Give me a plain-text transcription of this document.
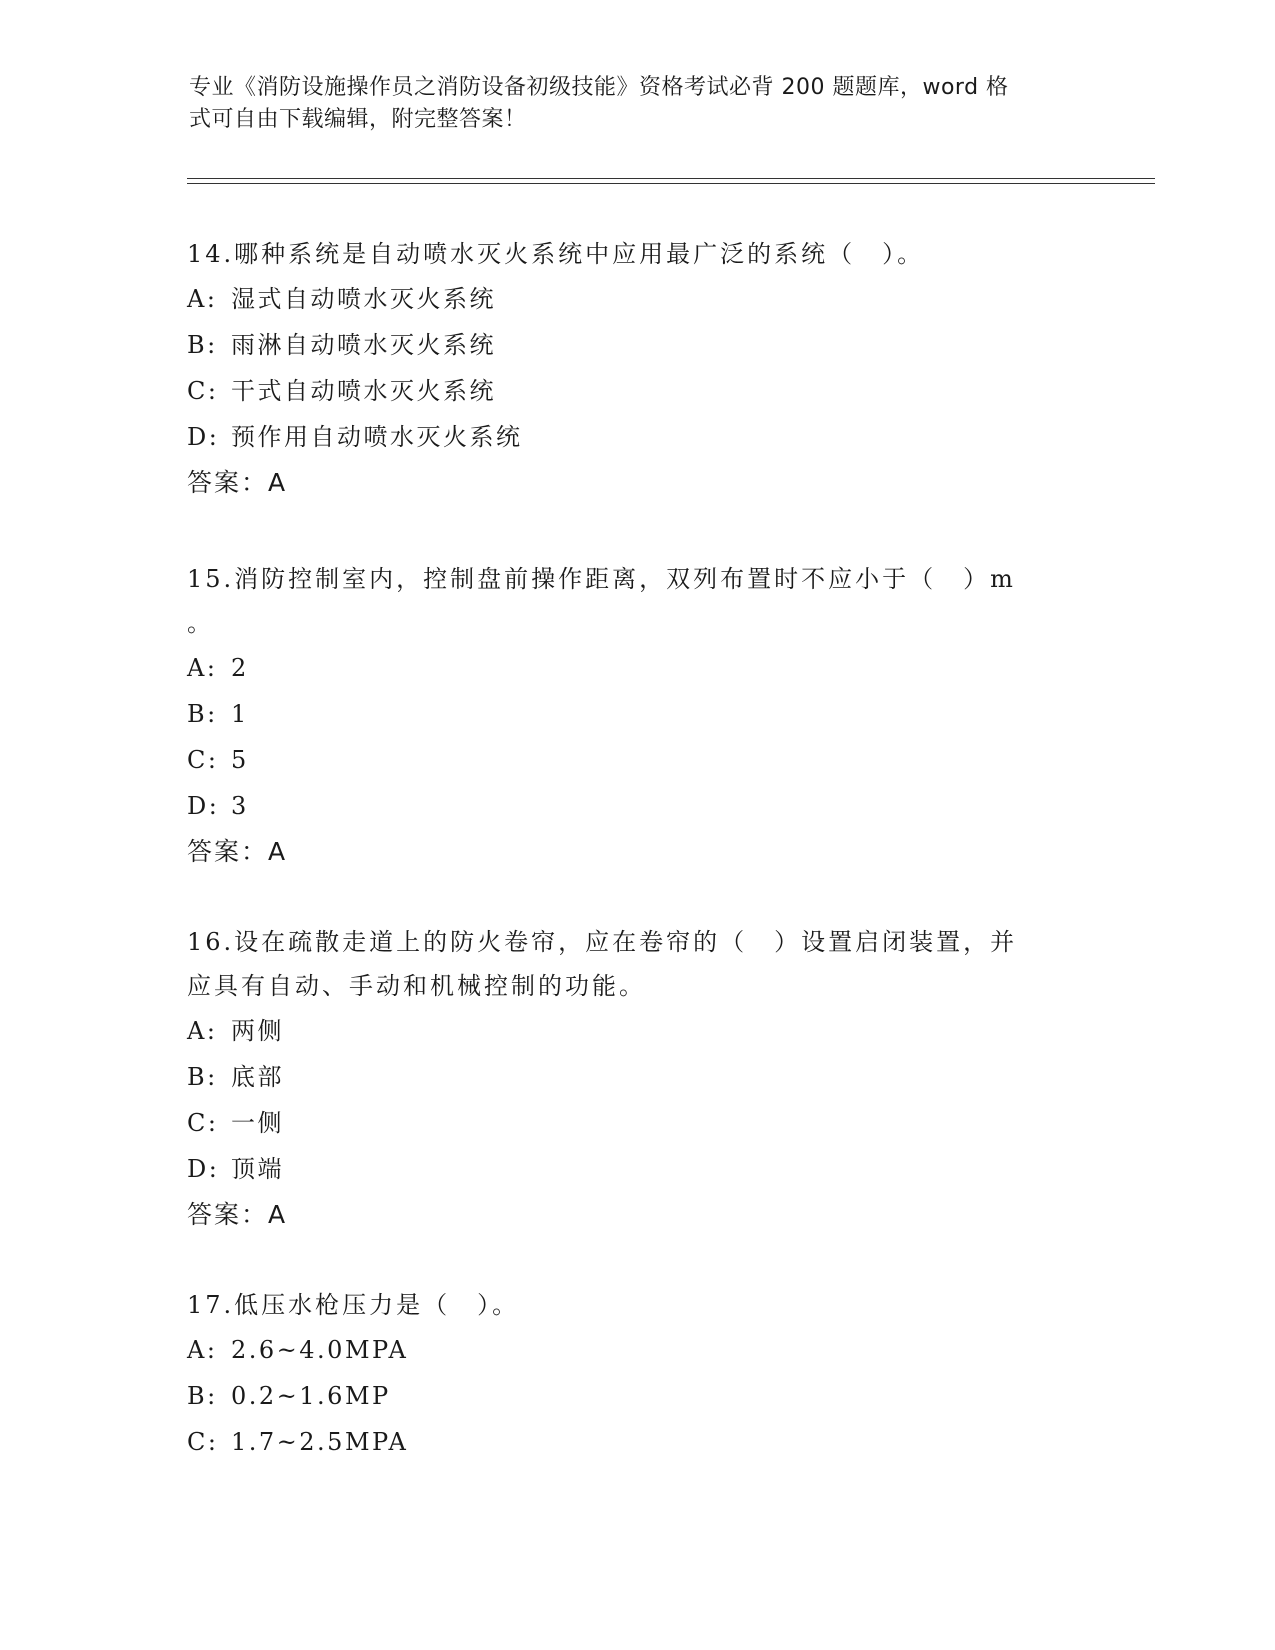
专业《消防设施操作员之消防设备初级技能》资格考试必背 200 题题库，word 格
式可自由下载编辑，附完整答案！

14.哪种系统是自动喷水灭火系统中应用最广泛的系统（　）。

A: 湿式自动喷水灭火系统

B: 雨淋自动喷水灭火系统

C: 干式自动喷水灭火系统

D: 预作用自动喷水灭火系统

答案：A

15.消防控制室内，控制盘前操作距离，双列布置时不应小于（　）m

。

A: 2

B: 1

C: 5

D: 3

答案：A

16.设在疏散走道上的防火卷帘，应在卷帘的（　）设置启闭装置，并

应具有自动、手动和机械控制的功能。

A: 两侧

B: 底部

C: 一侧

D: 顶端

答案：A

17.低压水枪压力是（　）。

A: 2.6~4.0MPA

B: 0.2~1.6MP

C: 1.7~2.5MPA
